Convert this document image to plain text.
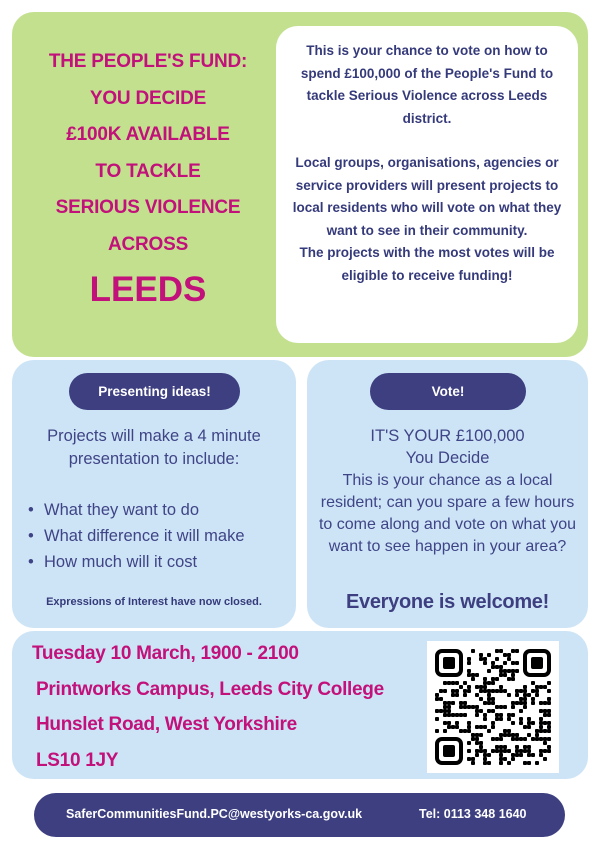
THE PEOPLE'S FUND:
YOU DECIDE
£100K AVAILABLE
TO TACKLE
SERIOUS VIOLENCE
ACROSS
LEEDS

This is your chance to vote on how to spend £100,000 of the People's Fund to tackle Serious Violence across Leeds district.

Local groups, organisations, agencies or service providers will present projects to local residents who will vote on what they want to see in their community.

The projects with the most votes will be eligible to receive funding!
Presenting ideas!
Projects will make a 4 minute presentation to include:
• What they want to do
• What difference it will make
• How much will it cost
Expressions of Interest have now closed.
Vote!
IT'S YOUR £100,000
You Decide
This is your chance as a local resident; can you spare a few hours to come along and vote on what you want to see happen in your area?
Everyone is welcome!
Tuesday 10 March, 1900 - 2100
Printworks Campus, Leeds City College
Hunslet Road, West Yorkshire
LS10 1JY
SaferCommunitiesFund.PC@westyorks-ca.gov.uk	Tel: 0113 348 1640
